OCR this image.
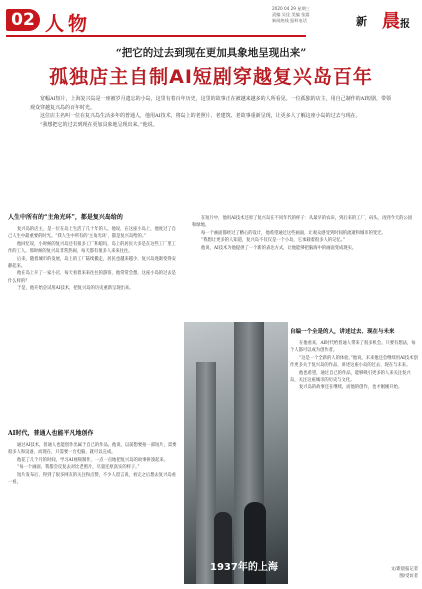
02 人物
2020 04 29 星期三
责编 吴佳 美编 张露
新闻热线 报料电话	新 晨 报
“把它的过去到现在更加具象地呈现出来”
孤独店主自制AI短剧穿越复兴岛百年

宽幅AI短片，上海复兴岛是一座被岁月遗忘的小岛，这里有着百年历史，这里的故事正在被越来越多的人所看见。一位孤独的店主，用自己制作的AI短剧，带领观众穿越复兴岛的百年时光。

这位店主名叫一位在复兴岛生活多年的普通人，他用AI技术，将岛上的老照片、老建筑、老故事重新呈现，让更多人了解这座小岛的过去与现在。

“我想把它的过去到现在更加具象地呈现出来。”他说。

人生中所有的“主角光环”，都是复兴岛给的

复兴岛的店主，是一位在岛上生活了几十年的人。他说，在这座小岛上，他度过了自己人生中最重要的时光。“我人生中所有的‘主角光环’，都是复兴岛给的。”

他回忆说，小时候的复兴岛还有很多工厂和船坞，岛上的居民大多是在这些工厂里工作的工人。那时候的复兴岛非常热闹，每天都有很多人来来往往。

后来，随着城市的发展，岛上的工厂陆续搬走，居民也越来越少，复兴岛逐渐变得安静起来。

他在岛上开了一家小店，每天看着来来往往的游客，他常常会想，这座小岛的过去是什么样的？

于是，他开始尝试用AI技术，把复兴岛的历史重新呈现出来。

AI时代，普通人也能平凡地创作

通过AI技术，普通人也能创作出属于自己的作品。他说，以前想要拍一部短片，需要很多人和设备，而现在，只需要一台电脑，就可以完成。

他花了几个月的时间，学习AI视频制作，一点一点地把复兴岛的故事拼凑起来。

“每一个画面，我都会反复去对比老照片，尽量还原真实的样子。”

短片发布后，得到了很多网友的关注和点赞，不少人留言说，看完之后想去复兴岛看一看。

在短片中，他用AI技术还原了复兴岛在不同年代的样子：从最早的农田，到后来的工厂、码头，再到今天的公园和绿地。

每一个画面都经过了精心的设计，他希望通过这些画面，让观众感受到时间的流逝和城市的变迁。

“我想让更多的人知道，复兴岛不仅仅是一个小岛，它承载着很多人的记忆。”

他说，AI技术为他提供了一个新的表达方式，让他能够把脑海中的画面变成现实。

自编一个全是的人，讲述过去、现在与未来

在他看来，AI时代给普通人带来了很多机会。只要有想法，每个人都可以成为创作者。

“这是一个全新的人的体验。”他说，未来他还会继续用AI技术创作更多关于复兴岛的作品，讲述这座小岛的过去、现在与未来。

他也希望，通过自己的作品，能够吸引更多的人来关注复兴岛，关注这座城市的历史与文化。

复兴岛的故事还在继续，而他的创作，也才刚刚开始。

1937年的上海	文/新晨报记者
图/受访者
